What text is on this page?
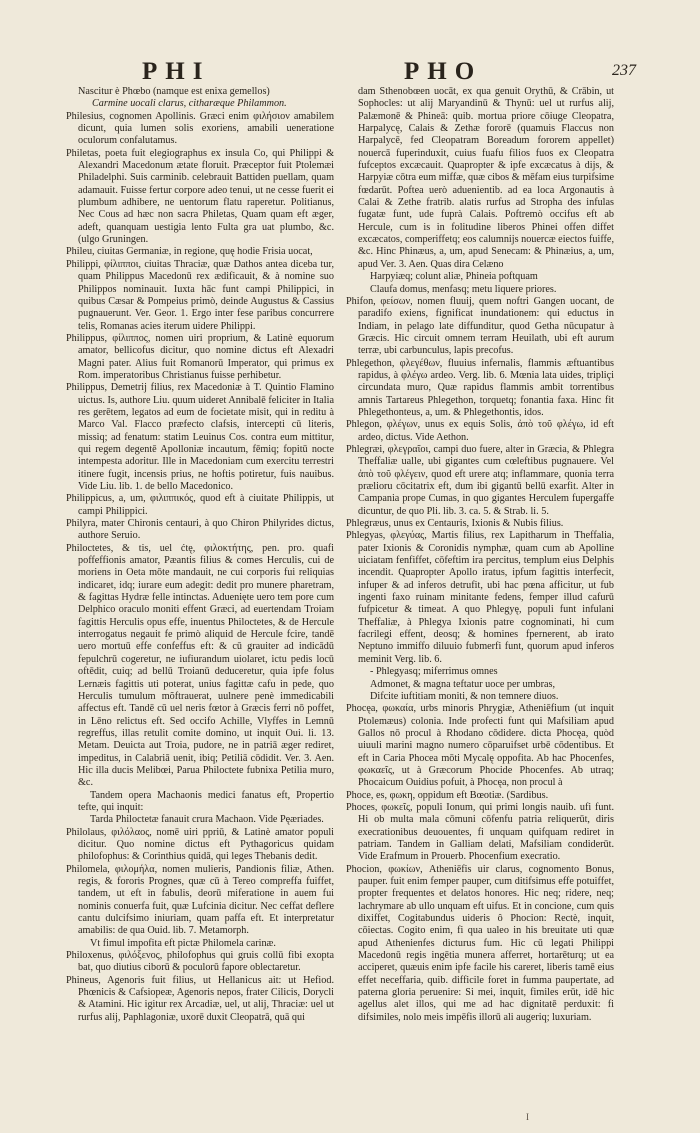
PHI	PHO	237

Nascitur è Phœbo (namque est enixa gemellos)

Carmine uocali clarus, citharæque Philammon.

Philesius, cognomen Apollinis. Græci enim φιλήσιον amabilem dicunt, quia lumen solis exoriens, amabili ueneratione oculorum confalutamus.

Philetas, poeta fuit elegiographus ex insula Co, qui Philippi & Alexandri Macedonum ætate floruit. Præceptor fuit Ptolemæi Philadelphi. Suis carminib. celebrauit Battiden puellam, quam adamauit. Fuisse fertur corpore adeo tenui, ut ne cesse fuerit ei plumbum adhibere, ne uentorum flatu raperetur. Politianus, Nec Cous ad hæc non sacra Philetas, Quam quam eft æger, adeft, quanquam uestigia lento Fulta gra uat plumbo, &c. (ulgo Gruningen.

Phileu, ciuitas Germaniæ, in regione, quę hodie Frisia uocat,

Philippi, φίλιπποι, ciuitas Thraciæ, quæ Dathos antea diceba tur, quam Philippus Macedonū rex ædificauit, & à nomine suo Philippos nominauit. Iuxta hāc funt campi Philippici, in quibus Cæsar & Pompeius primò, deinde Augustus & Cassius pugnauerunt. Ver. Geor. 1. Ergo inter fese paribus concurrere telis, Romanas acies iterum uidere Philippi.

Philippus, φίλιππος, nomen uiri proprium, & Latinè equorum amator, bellicofus dicitur, quo nomine dictus eft Alexadri Magni pater. Alius fuit Romanorū Imperator, qui primus ex Rom. imperatoribus Christianus fuisse perhibetur.

Philippus, Demetrij filius, rex Macedoniæ à T. Quintio Flamino uictus. Is, authore Liu. quum uideret Annibalē feliciter in Italia res gerētem, legatos ad eum de focietate misit, qui in reditu à Marco Val. Flacco præfecto clafsis, intercepti cū literis, missiq; ad fenatum: statim Leuinus Cos. contra eum mittitur, qui regem degentē Apolloniæ incautum, fēmiq; fopitū nocte intempesta adoritur. Ille in Macedoniam cum exercitu terrestri itinere fugit, incensis prius, ne hoftis potiretur, fuis nauibus. Vide Liu. lib. 1. de bello Macedonico.

Philippicus, a, um, φιλιππικός, quod eft à ciuitate Philippis, ut campi Philippici.

Philyra, mater Chironis centauri, à quo Chiron Philyrides dictus, authore Seruio.

Philoctetes, & tis, uel ćtę, φιλοκτήτης, pen. pro. quafi poffeffionis amator, Pæantis filius & comes Herculis, cui de moriens in Oeta mōte mandauit, ne cui corporis fui reliquias indicaret, idq; iurare eum adegit: dedit pro munere pharetram, & fagittas Hydræ felle intinctas. Aduenięte uero tem pore cum Delphico oraculo moniti effent Græci, ad euertendam Troiam fagittis Herculis opus effe, inuentus Philoctetes, & de Hercule interrogatus negauit fe primò aliquid de Hercule fcire, tandē uero mortuū effe confeffus eft: & cū grauiter ad indicādū fepulchrū cogeretur, ne iufiurandum uiolaret, ictu pedis locū oftēdit, cuiq; ad bellū Troianū deduceretur, quia ipfe folus Lernæis fagittis uti poterat, unius fagittæ cafu in pede, quo Herculis tumulum mõftrauerat, uulnere penè immedicabili affectus eft. Tandē cū uel neris fœtor à Græcis ferri nō poffet, in Lēno relictus eft. Sed occifo Achille, Vlyffes in Lemnū regreffus, illas retulit comite domino, ut inquit Oui. li. 13. Metam. Deuicta aut Troia, pudore, ne in patriā æger rediret, impeditus, in Calabriā uenit, ibiq; Petiliā cōdidit. Ver. 3. Aen. Hic illa ducis Melibœi, Parua Philoctete fubnixa Petilia muro, &c.

Tandem opera Machaonis medici fanatus eft, Propertio tefte, qui inquit:

Tarda Philoctetæ fanauit crura Machaon. Vide Pęæriades.

Philolaus, φιλόλαος, nomē uiri ppriū, & Latinè amator populi dicitur. Quo nomine dictus eft Pythagoricus quidam philofophus: & Corinthius quidā, qui leges Thebanis dedit.

Philomela, φιλομήλα, nomen mulieris, Pandionis filiæ, Athen. regis, & fororis Prognes, quæ cū à Tereo compreffa fuiffet, tandem, ut eft in fabulis, deorū miferatione in auem fui nominis conuerfa fuit, quæ Lufcinia dicitur. Nec ceffat deflere cantu dulcifsimo iniuriam, quam paffa eft. Et interpretatur amabilis: de qua Ouid. lib. 7. Metamorph.

Vt fimul impofita eft pictæ Philomela carinæ.

Philoxenus, φιλόξενος, philofophus qui gruis collū fibi exopta bat, quo diutius ciborū & poculorū fapore oblectaretur.

Phineus, Agenoris fuit filius, ut Hellanicus ait: ut Hefiod. Phœnicis & Cafsiopeæ, Agenoris nepos, frater Cilicis, Dorycli & Atamini. Hic igitur rex Arcadiæ, uel, ut alij, Thraciæ: uel ut rurfus alij, Paphlagoniæ, uxorē duxit Cleopatrā, quā qui

dam Sthenobœen uocāt, ex qua genuit Orythū, & Crābin, ut Sophocles: ut alij Maryandinū & Thynū: uel ut rurfus alij, Palæmonē & Phineā: quib. mortua priore cōiuge Cleopatra, Harpalycę, Calais & Zethæ fororē (quamuis Flaccus non Harpalycē, fed Cleopatram Boreadum fororem appellet) nouercā fuperinduxit, cuius fuafu filios fuos ex Cleopatra fufceptos excæcauit. Quapropter & ipfe excæcatus à dijs, & Harpyiæ cōtra eum miffæ, quæ cibos & mēfam eius turpifsime fœdarūt. Poftea uerò aduenientib. ad ea loca Argonautis à Calai & Zethe fratrib. alatis rurfus ad Stropha des infulas fugatæ funt, ude fuprà Calais. Poftremò occifus eft ab Herculе, cum is in folitudine liberos Phinei offen diffet excæcatos, comperiffetq; eos calumnijs nouercæ eiectos fuiffe, &c. Hinc Phinæus, a, um, apud Senecam: & Phinæius, a, um, apud Ver. 3. Aen. Quas dira Celæno

Harpyiæq; colunt aliæ, Phineia poftquam

Claufa domus, menfasq; metu liquere priores.

Phifon, φείσων, nomen fluuij, quem noftri Gangen uocant, de paradifo exiens, fignificat inundationem: qui eductus in Indiam, in pelago late diffunditur, quod Getha nūcupatur à Græcis. Hic circuit omnem terram Heuilath, ubi eft aurum terræ, ubi carbunculus, lapis precofus.

Phlegethon, φλεγέθων, fluuius infernalis, flammis æftuantibus rapidus, à φλέγω ardeo. Verg. lib. 6. Mœnia lata uides, tripliçi circundata muro, Quæ rapidus flammis ambit torrentibus amnis Tartareus Phlegethon, torquetq; fonantia faxa. Hinc fit Phlegethonteus, a, um. & Phlegethontis, idos.

Phlegon, φλέγων, unus ex equis Solis, ἀπὸ τοῦ φλέγω, id eft ardeo, dictus. Vide Aethon.

Phlegræi, φλεγραῖοι, campi duo fuere, alter in Græcia, & Phlegra Theffaliæ ualle, ubi gigantes cum cœleftibus pugnauere. Vel ἀπὸ τοῦ φλέγειν, quod eft urere atq; inflammare, quonia terra prælioru cōcitatrix eft, dum ibi gigantū bellū exarfit. Alter in Campania prope Cumas, in quo gigantes Herculem fupergaffe dicuntur, de quo Pli. lib. 3. ca. 5. & Strab. li. 5.

Phlegræus, unus ex Centauris, Ixionis & Nubis filius.

Phlegyas, φλεγύας, Martis filius, rex Lapitharum in Theffalia, pater Ixionis & Coronidis nymphæ, quam cum ab Apolline uiciatam fenfiffet, cōfeftim ira percitus, templum eius Delphis incendit. Quapropter Apollo iratus, ipfum fagittis interfecit, infuper & ad inferos detrufit, ubi hac pœna afficitur, ut fub ingenti faxo ruinam minitante fedens, femper illud cafurū fufpicetur & timeat. A quo Phlegyę, populi funt infulani Theffaliæ, à Phlegya Ixionis patre cognominati, hi cum facrilegi effent, deosq; & homines fpernerent, ab irato Neptuno immiffo diluuio fubmerfi funt, quorum apud inferos meminit Verg. lib. 6.

‑ Phlegyasq; miferrimus omnes

Admonet, & magna teftatur uoce per umbras,

Difcite iuftitiam moniti, & non temnere diuos.

Phocęa, φωκαία, urbs minoris Phrygiæ, Atheniēfium (ut inquit Ptolemæus) colonia. Inde profecti funt qui Mafsiliam apud Gallos nō procul à Rhodano cōdidere. dicta Phocęa, quòd uiuuli marini magno numero cōparuifset urbē cōdentibus. Et eft in Caria Phocea mōti Mycalę oppofita. Ab hac Phocenfes, φωκαεῖς, ut à Græcorum Phocide Phocenfes. Ab utraq; Phocaicum Ouidius pofuit, à Phocęa, non procul à

Phoce, es, φωκη, oppidum eft Bœotiæ. (Sardibus.

Phoces, φωκεῖς, populi Ionum, qui primi longis nauib. ufi funt. Hi ob multa mala cōmuni cōfenfu patria reliquerūt, diris execrationibus deuouentes, fi unquam quifquam rediret in patriam. Tandem in Galliam delati, Mafsiliam condiderūt. Vide Erafmum in Prouerb. Phocenfium execratio.

Phocion, φωκίων, Atheniēfis uir clarus, cognomento Bonus, pauper. fuit enim femper pauper, cum ditifsimus effe potuiffet, propter frequentes et delatos honores. Hic neq; ridere, neq; lachrymare ab ullo unquam eft uifus. Et in concione, cum quis dixiffet, Cogitabundus uideris ô Phocion: Rectè, inquit, cōiectas. Cogito enim, fi qua ualeo in his breuitate uti quæ apud Athenienfes dicturus fum. Hic cū legati Philippi Macedonū regis ingētia munera afferret, hortarēturq; ut ea acciperet, quæuis enim ipfe facile his careret, liberis tamē eius effet neceffaria, quib. difficile foret in fumma paupertate, ad paterna gloria peruenire: Si mei, inquit, fimiles erūt, idē hic agellus alet illos, qui me ad hac dignitatē perduxit: fi difsimiles, nolo meis impēfis illorū ali augeriq; luxuriam.

I
